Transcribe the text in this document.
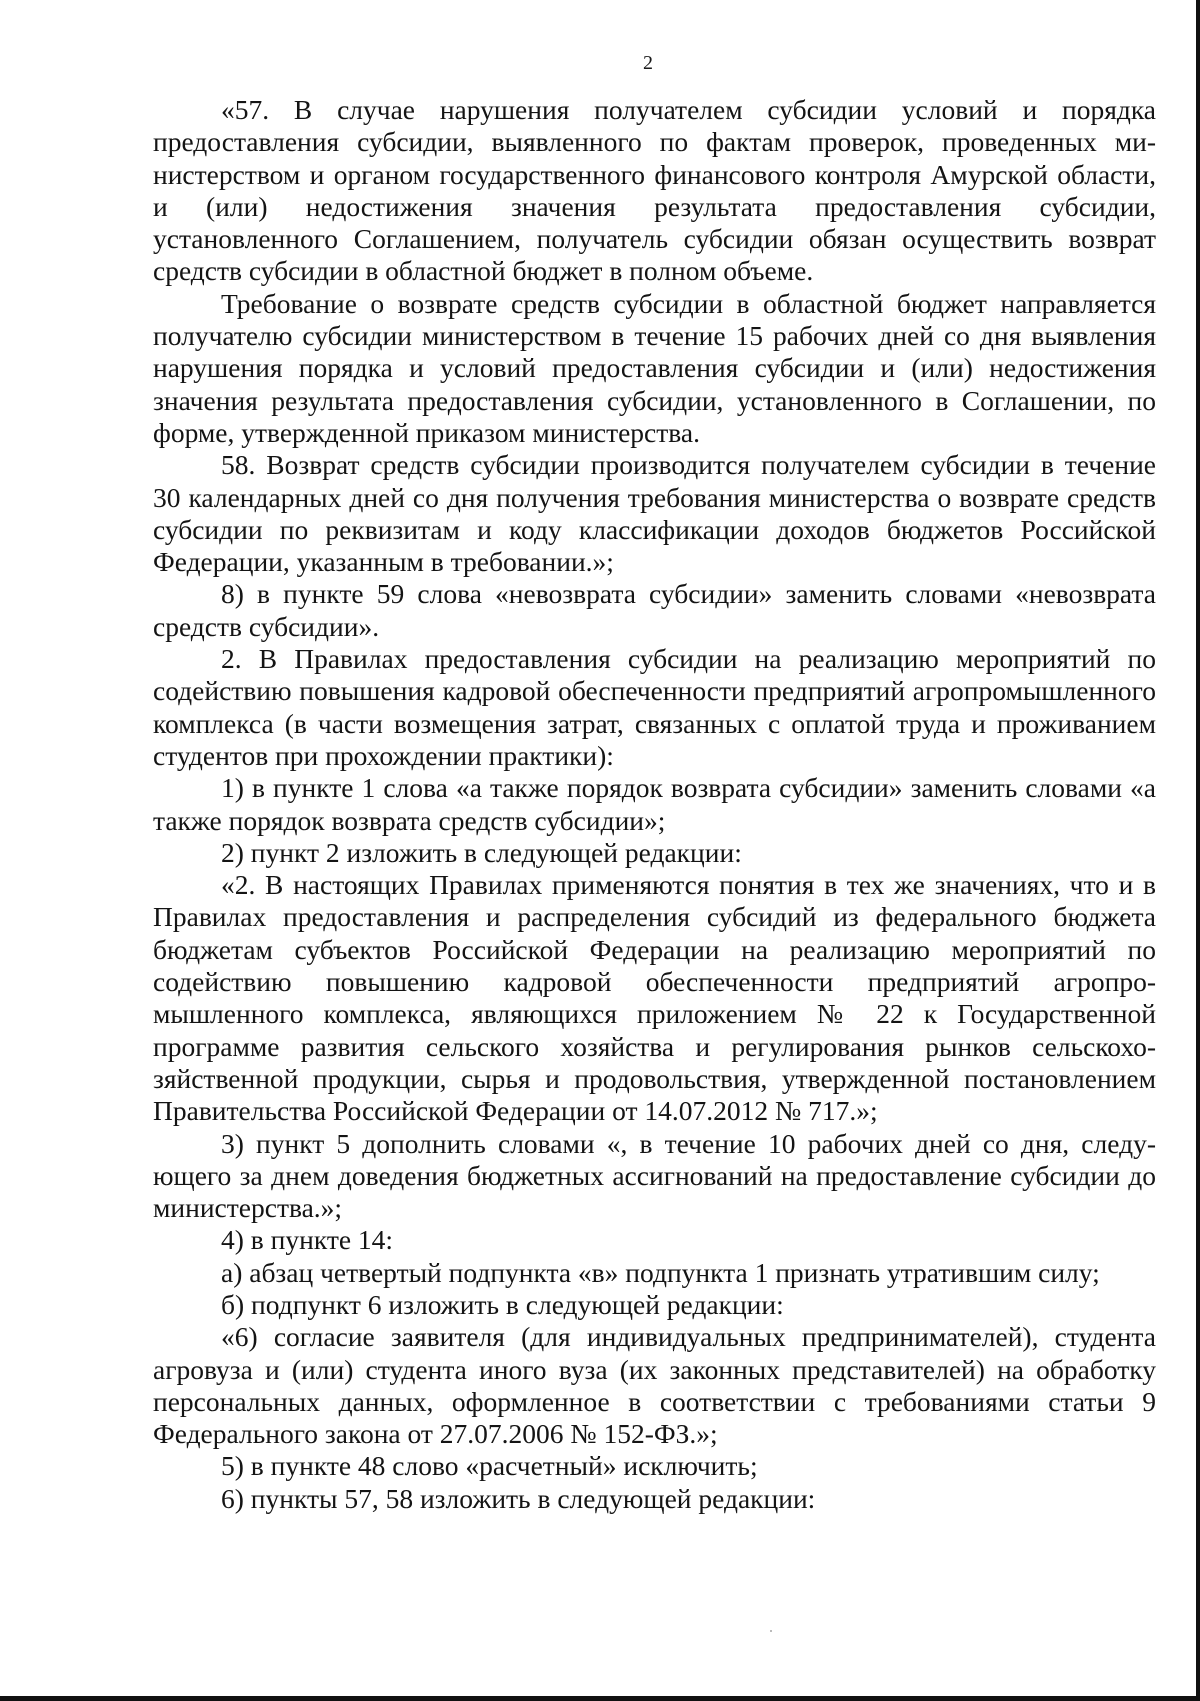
2

«57. В случае нарушения получателем субсидии условий и порядка предоставления субсидии, выявленного по фактам проверок, проведенных министерством и органом государственного финансового контроля Амурской области, и (или) недостижения значения результата предоставления субсидии, установленного Соглашением, получатель субсидии обязан осуществить возврат средств субсидии в областной бюджет в полном объеме.

Требование о возврате средств субсидии в областной бюджет направляется получателю субсидии министерством в течение 15 рабочих дней со дня выявления нарушения порядка и условий предоставления субсидии и (или) недостижения значения результата предоставления субсидии, установленного в Соглашении, по форме, утвержденной приказом министерства.

58. Возврат средств субсидии производится получателем субсидии в течение 30 календарных дней со дня получения требования министерства о возврате средств субсидии по реквизитам и коду классификации доходов бюджетов Российской Федерации, указанным в требовании.»;

8) в пункте 59 слова «невозврата субсидии» заменить словами «невозврата средств субсидии».

2. В Правилах предоставления субсидии на реализацию мероприятий по содействию повышения кадровой обеспеченности предприятий агропромышленного комплекса (в части возмещения затрат, связанных с оплатой труда и проживанием студентов при прохождении практики):

1) в пункте 1 слова «а также порядок возврата субсидии» заменить словами «а также порядок возврата средств субсидии»;

2) пункт 2 изложить в следующей редакции:

«2. В настоящих Правилах применяются понятия в тех же значениях, что и в Правилах предоставления и распределения субсидий из федерального бюджета бюджетам субъектов Российской Федерации на реализацию мероприятий по содействию повышению кадровой обеспеченности предприятий агропромышленного комплекса, являющихся приложением № 22 к Государственной программе развития сельского хозяйства и регулирования рынков сельскохозяйственной продукции, сырья и продовольствия, утвержденной постановлением Правительства Российской Федерации от 14.07.2012 № 717.»;

3) пункт 5 дополнить словами «, в течение 10 рабочих дней со дня, следующего за днем доведения бюджетных ассигнований на предоставление субсидии до министерства.»;

4) в пункте 14:

а) абзац четвертый подпункта «в» подпункта 1 признать утратившим силу;

б) подпункт 6 изложить в следующей редакции:

«6) согласие заявителя (для индивидуальных предпринимателей), студента агровуза и (или) студента иного вуза (их законных представителей) на обработку персональных данных, оформленное в соответствии с требованиями статьи 9 Федерального закона от 27.07.2006 № 152-ФЗ.»;

5) в пункте 48 слово «расчетный» исключить;

6) пункты 57, 58 изложить в следующей редакции:
